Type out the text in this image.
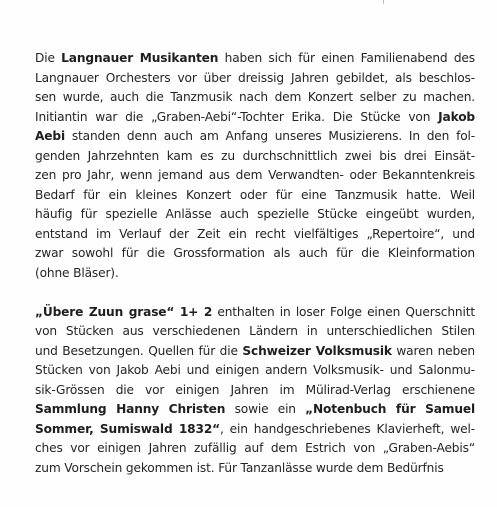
Die Langnauer Musikanten haben sich für einen Familienabend des
Langnauer Orchesters vor über dreissig Jahren gebildet, als beschlos-
sen wurde, auch die Tanzmusik nach dem Konzert selber zu machen.
Initiantin war die „Graben-Aebi“-Tochter Erika. Die Stücke von Jakob
Aebi standen denn auch am Anfang unseres Musizierens. In den fol-
genden Jahrzehnten kam es zu durchschnittlich zwei bis drei Einsät-
zen pro Jahr, wenn jemand aus dem Verwandten- oder Bekanntenkreis
Bedarf für ein kleines Konzert oder für eine Tanzmusik hatte. Weil
häufig für spezielle Anlässe auch spezielle Stücke eingeübt wurden,
entstand im Verlauf der Zeit ein recht vielfältiges „Repertoire“, und
zwar sowohl für die Grossformation als auch für die Kleinformation
(ohne Bläser).

„Übere Zuun grase“ 1+ 2 enthalten in loser Folge einen Querschnitt
von Stücken aus verschiedenen Ländern in unterschiedlichen Stilen
und Besetzungen. Quellen für die Schweizer Volksmusik waren neben
Stücken von Jakob Aebi und einigen andern Volksmusik- und Salonmu-
sik-Grössen die vor einigen Jahren im Mülirad-Verlag erschienene
Sammlung Hanny Christen sowie ein „Notenbuch für Samuel
Sommer, Sumiswald 1832“, ein handgeschriebenes Klavierheft, wel-
ches vor einigen Jahren zufällig auf dem Estrich von „Graben-Aebis“
zum Vorschein gekommen ist. Für Tanzanlässe wurde dem Bedürfnis
